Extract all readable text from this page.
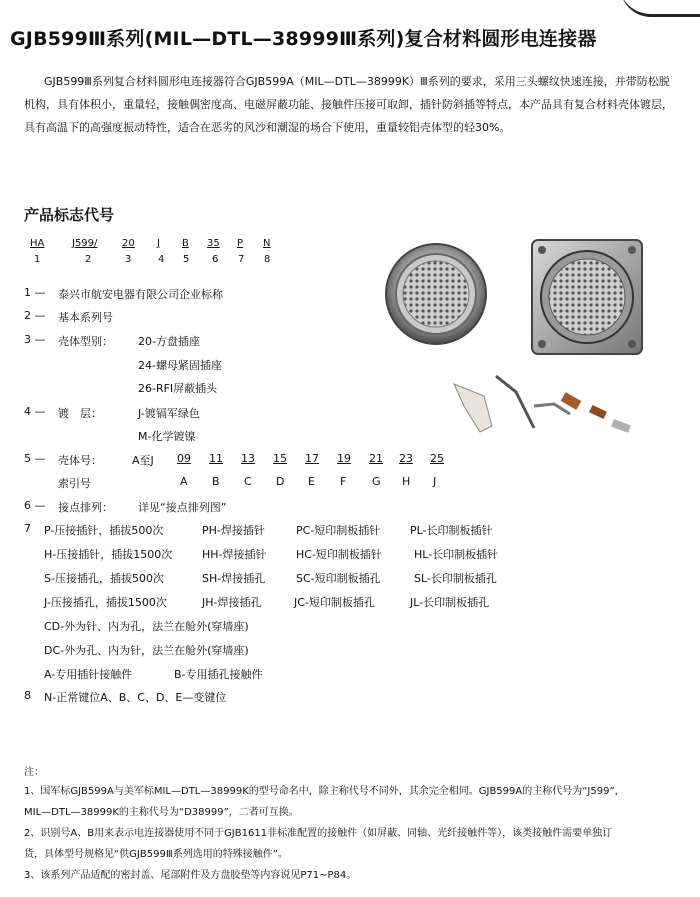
GJB599Ⅲ系列(MIL—DTL—38999Ⅲ系列)复合材料圆形电连接器
GJB599Ⅲ系列复合材料圆形电连接器符合GJB599A（MIL—DTL—38999K）Ⅲ系列的要求，采用三头螺纹快速连接，并带防松脱机构，具有体积小，重量轻，接触偶密度高、电磁屏蔽功能、接触件压接可取卸，插针防斜插等特点，本产品具有复合材料壳体镀层，具有高温下的高强度振动特性，适合在恶劣的风沙和潮湿的场合下使用，重量较铝壳体型的轻30%。
产品标志代号
HA	J599/ 20 J B 35 P N
1	2	3	4 5 6 7 8
1 — 泰兴市航安电器有限公司企业标称
2 — 基本系列号
3 — 壳体型别： 20-方盘插座
24-螺母紧固插座
26-RFI屏蔽插头
4 — 镀　层：	J-镀镉军绿色
M-化学镀镍
5 — 壳体号：
索引号
A至J 09 11 13 15 17 19 21 23 25
A B C D E F G H J
6 — 接点排列： 详见“接点排列图”
7 P-压接插针，插拔500次	PH-焊接插针	PC-短印制板插针	PL-长印制板插针
H-压接插针，插拔1500次	HH-焊接插针	HC-短印制板插针	HL-长印制板插针
S-压接插孔，插拔500次	SH-焊接插孔	SC-短印制板插孔	SL-长印制板插孔
J-压接插孔，插拔1500次	JH-焊接插孔	JC-短印制板插孔	JL-长印制板插孔
CD-外为针、内为孔，法兰在舱外(穿墙座)
DC-外为孔、内为针，法兰在舱外(穿墙座)
A-专用插针接触件	B-专用插孔接触件
8 N-正常键位A、B、C、D、E—变键位
注：
1、国军标GJB599A与美军标MIL—DTL—38999K的型号命名中，除主称代号不同外，其余完全相同。GJB599A的主称代号为“J599”，
MIL—DTL—38999K的主称代号为“D38999”，二者可互换。
2、识别号A、B用来表示电连接器使用不同于GJB1611非标准配置的接触件（如屏蔽、同轴、光纤接触件等），该类接触件需要单独订
货，具体型号规格见“供GJB599Ⅲ系列选用的特殊接触件”。
3、该系列产品适配的密封盖、尾部附件及方盘胶垫等内容说见P71~P84。
